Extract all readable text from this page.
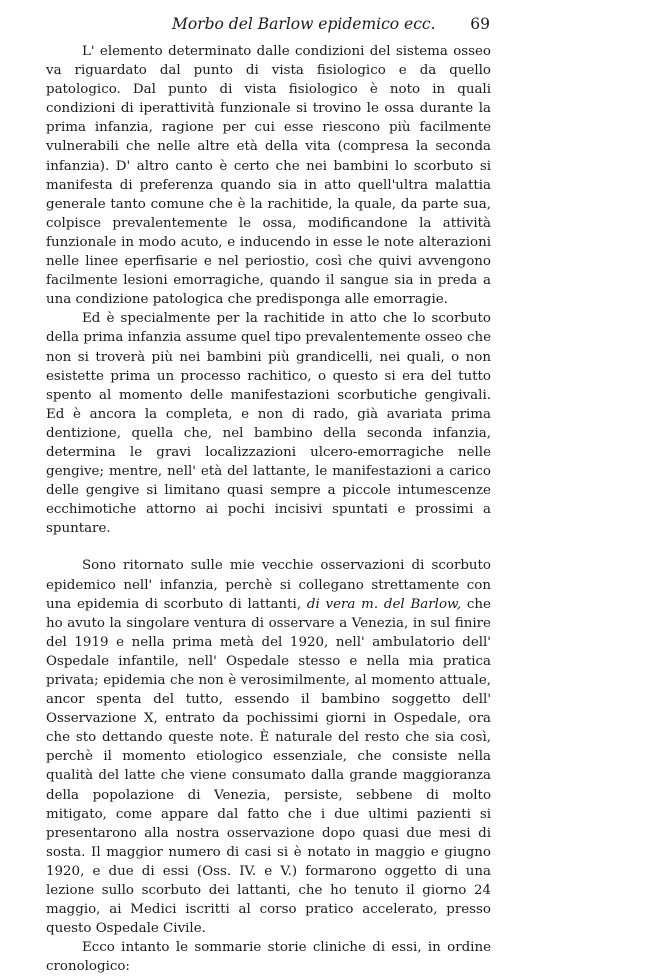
Morbo del Barlow epidemico ecc. 69

L' elemento determinato dalle condizioni del sistema osseo va riguardato dal punto di vista fisiologico e da quello patologico. Dal punto di vista fisiologico è noto in quali condizioni di iperattività funzionale si trovino le ossa durante la prima infanzia, ragione per cui esse riescono più facilmente vulnerabili che nelle altre età della vita (compresa la seconda infanzia). D' altro canto è certo che nei bambini lo scorbuto si manifesta di preferenza quando sia in atto quell'ultra malattia generale tanto comune che è la rachitide, la quale, da parte sua, colpisce prevalentemente le ossa, modificandone la attività funzionale in modo acuto, e inducendo in esse le note alterazioni nelle linee eperfisarie e nel periostio, così che quivi avvengono facilmente lesioni emorragiche, quando il sangue sia in preda a una condizione patologica che predisponga alle emorragie.

Ed è specialmente per la rachitide in atto che lo scorbuto della prima infanzia assume quel tipo prevalentemente osseo che non si troverà più nei bambini più grandicelli, nei quali, o non esistette prima un processo rachitico, o questo si era del tutto spento al momento delle manifestazioni scorbutiche gengivali. Ed è ancora la completa, e non di rado, già avariata prima dentizione, quella che, nel bambino della seconda infanzia, determina le gravi localizzazioni ulcero-emorragiche nelle gengive; mentre, nell' età del lattante, le manifestazioni a carico delle gengive si limitano quasi sempre a piccole intumescenze ecchimotiche attorno ai pochi incisivi spuntati e prossimi a spuntare.

Sono ritornato sulle mie vecchie osservazioni di scorbuto epidemico nell' infanzia, perchè si collegano strettamente con una epidemia di scorbuto di lattanti, di vera m. del Barlow, che ho avuto la singolare ventura di osservare a Venezia, in sul finire del 1919 e nella prima metà del 1920, nell' ambulatorio dell' Ospedale infantile, nell' Ospedale stesso e nella mia pratica privata; epidemia che non è verosimilmente, al momento attuale, ancor spenta del tutto, essendo il bambino soggetto dell' Osservazione X, entrato da pochissimi giorni in Ospedale, ora che sto dettando queste note. È naturale del resto che sia così, perchè il momento etiologico essenziale, che consiste nella qualità del latte che viene consumato dalla grande maggioranza della popolazione di Venezia, persiste, sebbene di molto mitigato, come appare dal fatto che i due ultimi pazienti si presentarono alla nostra osservazione dopo quasi due mesi di sosta. Il maggior numero di casi si è notato in maggio e giugno 1920, e due di essi (Oss. IV. e V.) formarono oggetto di una lezione sullo scorbuto dei lattanti, che ho tenuto il giorno 24 maggio, ai Medici iscritti al corso pratico accelerato, presso questo Ospedale Civile.

Ecco intanto le sommarie storie cliniche di essi, in ordine cronologico:
